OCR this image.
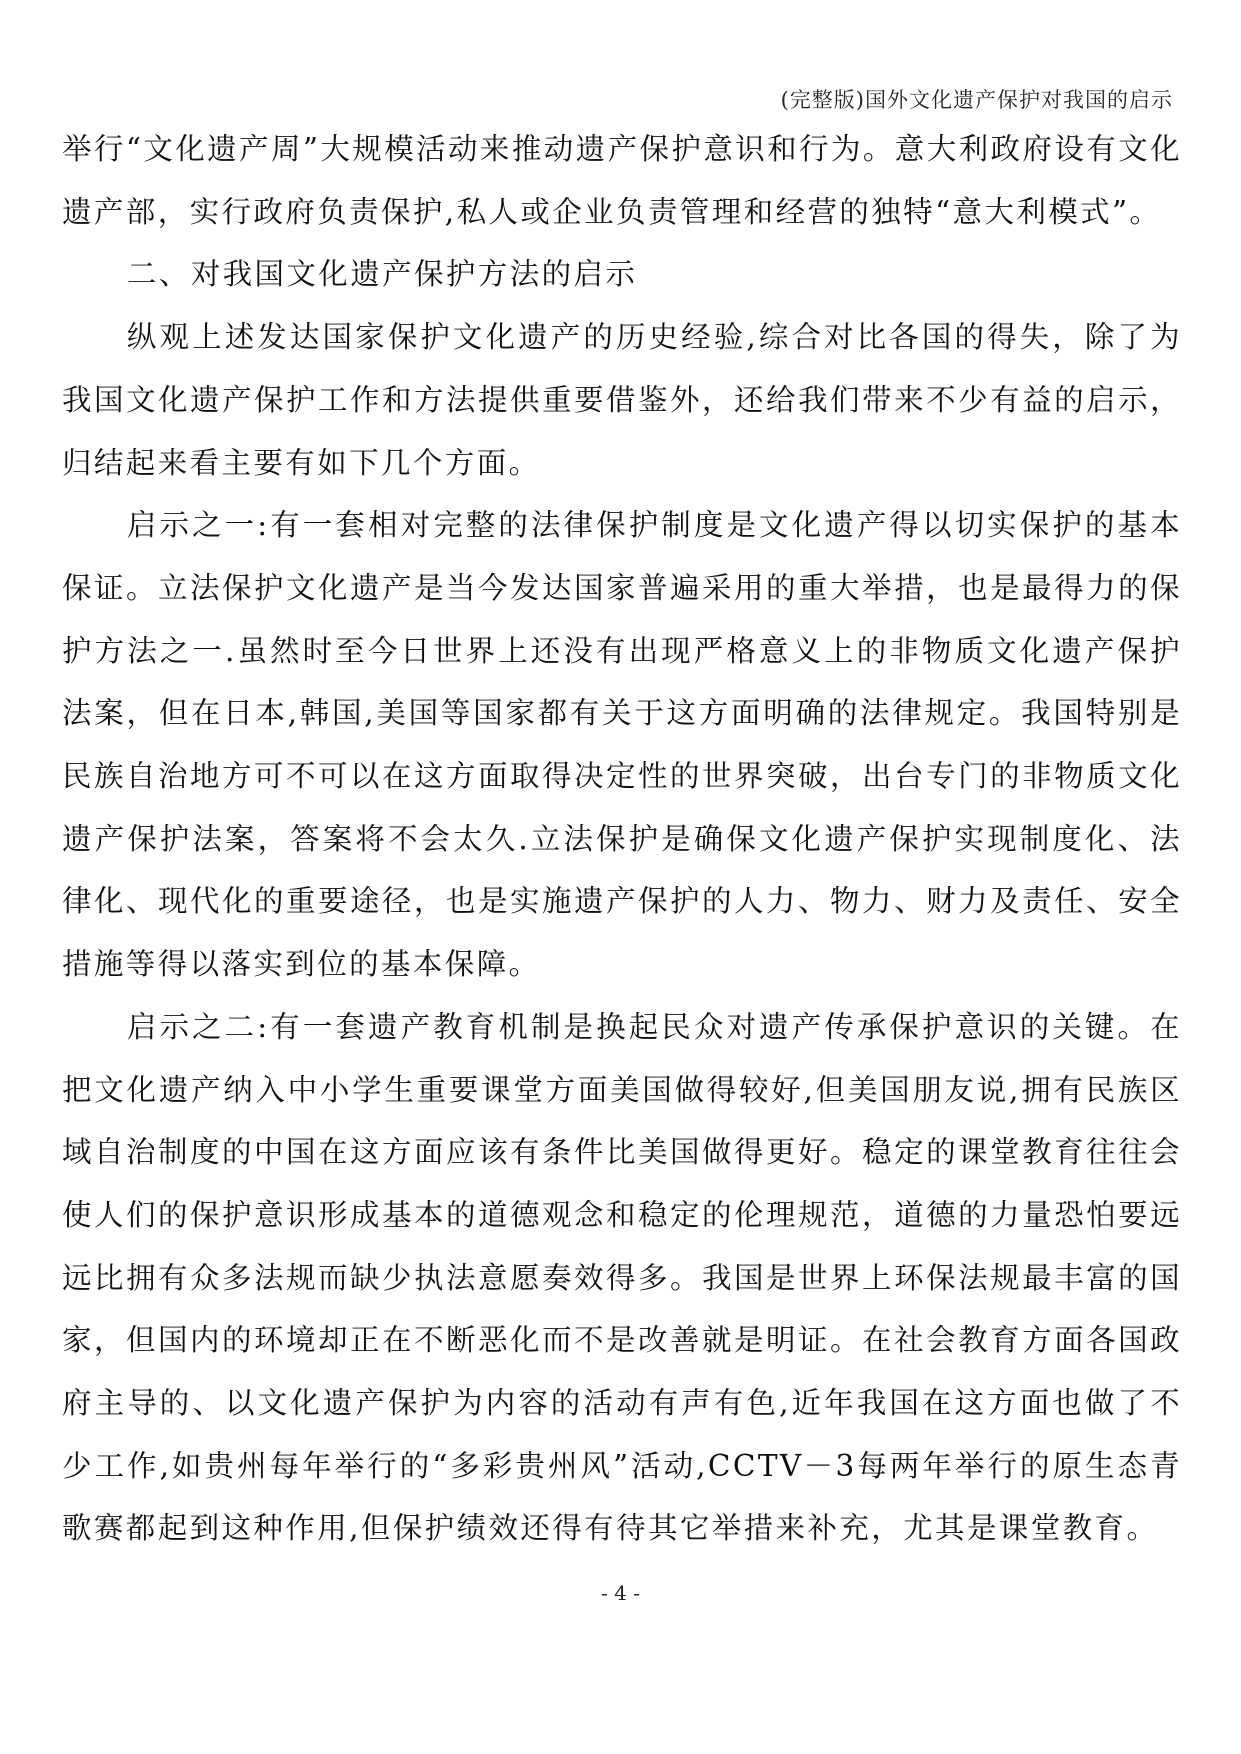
(完整版)国外文化遗产保护对我国的启示

举行“文化遗产周”大规模活动来推动遗产保护意识和行为。意大利政府设有文化遗产部，实行政府负责保护,私人或企业负责管理和经营的独特“意大利模式”。

二、对我国文化遗产保护方法的启示

纵观上述发达国家保护文化遗产的历史经验,综合对比各国的得失，除了为我国文化遗产保护工作和方法提供重要借鉴外，还给我们带来不少有益的启示，归结起来看主要有如下几个方面。

启示之一:有一套相对完整的法律保护制度是文化遗产得以切实保护的基本保证。立法保护文化遗产是当今发达国家普遍采用的重大举措，也是最得力的保护方法之一.虽然时至今日世界上还没有出现严格意义上的非物质文化遗产保护法案，但在日本,韩国,美国等国家都有关于这方面明确的法律规定。我国特别是民族自治地方可不可以在这方面取得决定性的世界突破，出台专门的非物质文化遗产保护法案，答案将不会太久.立法保护是确保文化遗产保护实现制度化、法律化、现代化的重要途径，也是实施遗产保护的人力、物力、财力及责任、安全措施等得以落实到位的基本保障。

启示之二:有一套遗产教育机制是换起民众对遗产传承保护意识的关键。在把文化遗产纳入中小学生重要课堂方面美国做得较好,但美国朋友说,拥有民族区域自治制度的中国在这方面应该有条件比美国做得更好。稳定的课堂教育往往会使人们的保护意识形成基本的道德观念和稳定的伦理规范，道德的力量恐怕要远远比拥有众多法规而缺少执法意愿奏效得多。我国是世界上环保法规最丰富的国家，但国内的环境却正在不断恶化而不是改善就是明证。在社会教育方面各国政府主导的、以文化遗产保护为内容的活动有声有色,近年我国在这方面也做了不少工作,如贵州每年举行的“多彩贵州风”活动,CCTV－3每两年举行的原生态青歌赛都起到这种作用,但保护绩效还得有待其它举措来补充，尤其是课堂教育。

- 4 -
